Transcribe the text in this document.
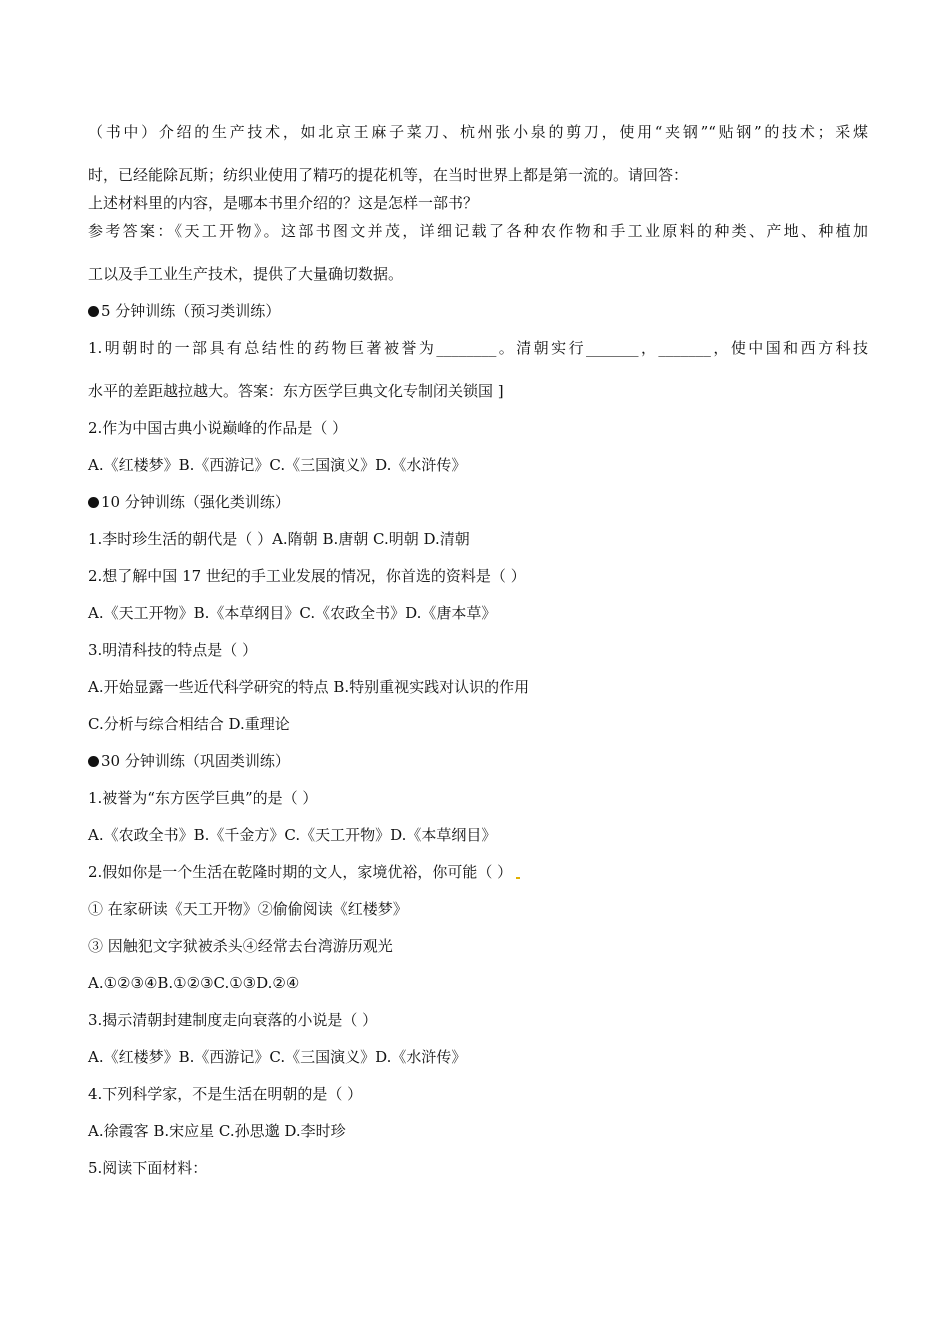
（书中）介绍的生产技术，如北京王麻子菜刀、杭州张小泉的剪刀，使用“夹钢”“贴钢”的技术；采煤

时，已经能除瓦斯；纺织业使用了精巧的提花机等，在当时世界上都是第一流的。请回答：

上述材料里的内容，是哪本书里介绍的？这是怎样一部书？

参考答案：《天工开物》。这部书图文并茂，详细记载了各种农作物和手工业原料的种类、产地、种植加

工以及手工业生产技术，提供了大量确切数据。

5 分钟训练（预习类训练）

1.明朝时的一部具有总结性的药物巨著被誉为________。清朝实行_______，_______，使中国和西方科技

水平的差距越拉越大。答案：东方医学巨典文化专制闭关锁国 ]

2.作为中国古典小说巅峰的作品是（ ）

A.《红楼梦》B.《西游记》C.《三国演义》D.《水浒传》

10 分钟训练（强化类训练）

1.李时珍生活的朝代是（ ）A.隋朝 B.唐朝 C.明朝 D.清朝

2.想了解中国 17 世纪的手工业发展的情况，你首选的资料是（ ）

A.《天工开物》B.《本草纲目》C.《农政全书》D.《唐本草》

3.明清科技的特点是（ ）

A.开始显露一些近代科学研究的特点 B.特别重视实践对认识的作用

C.分析与综合相结合 D.重理论

30 分钟训练（巩固类训练）

1.被誉为“东方医学巨典”的是（ ）

A.《农政全书》B.《千金方》C.《天工开物》D.《本草纲目》

2.假如你是一个生活在乾隆时期的文人，家境优裕，你可能（ ）

① 在家研读《天工开物》②偷偷阅读《红楼梦》

③ 因触犯文字狱被杀头④经常去台湾游历观光

A.①②③④B.①②③C.①③D.②④

3.揭示清朝封建制度走向衰落的小说是（ ）

A.《红楼梦》B.《西游记》C.《三国演义》D.《水浒传》

4.下列科学家，不是生活在明朝的是（ ）

A.徐霞客 B.宋应星 C.孙思邈 D.李时珍

5.阅读下面材料：
